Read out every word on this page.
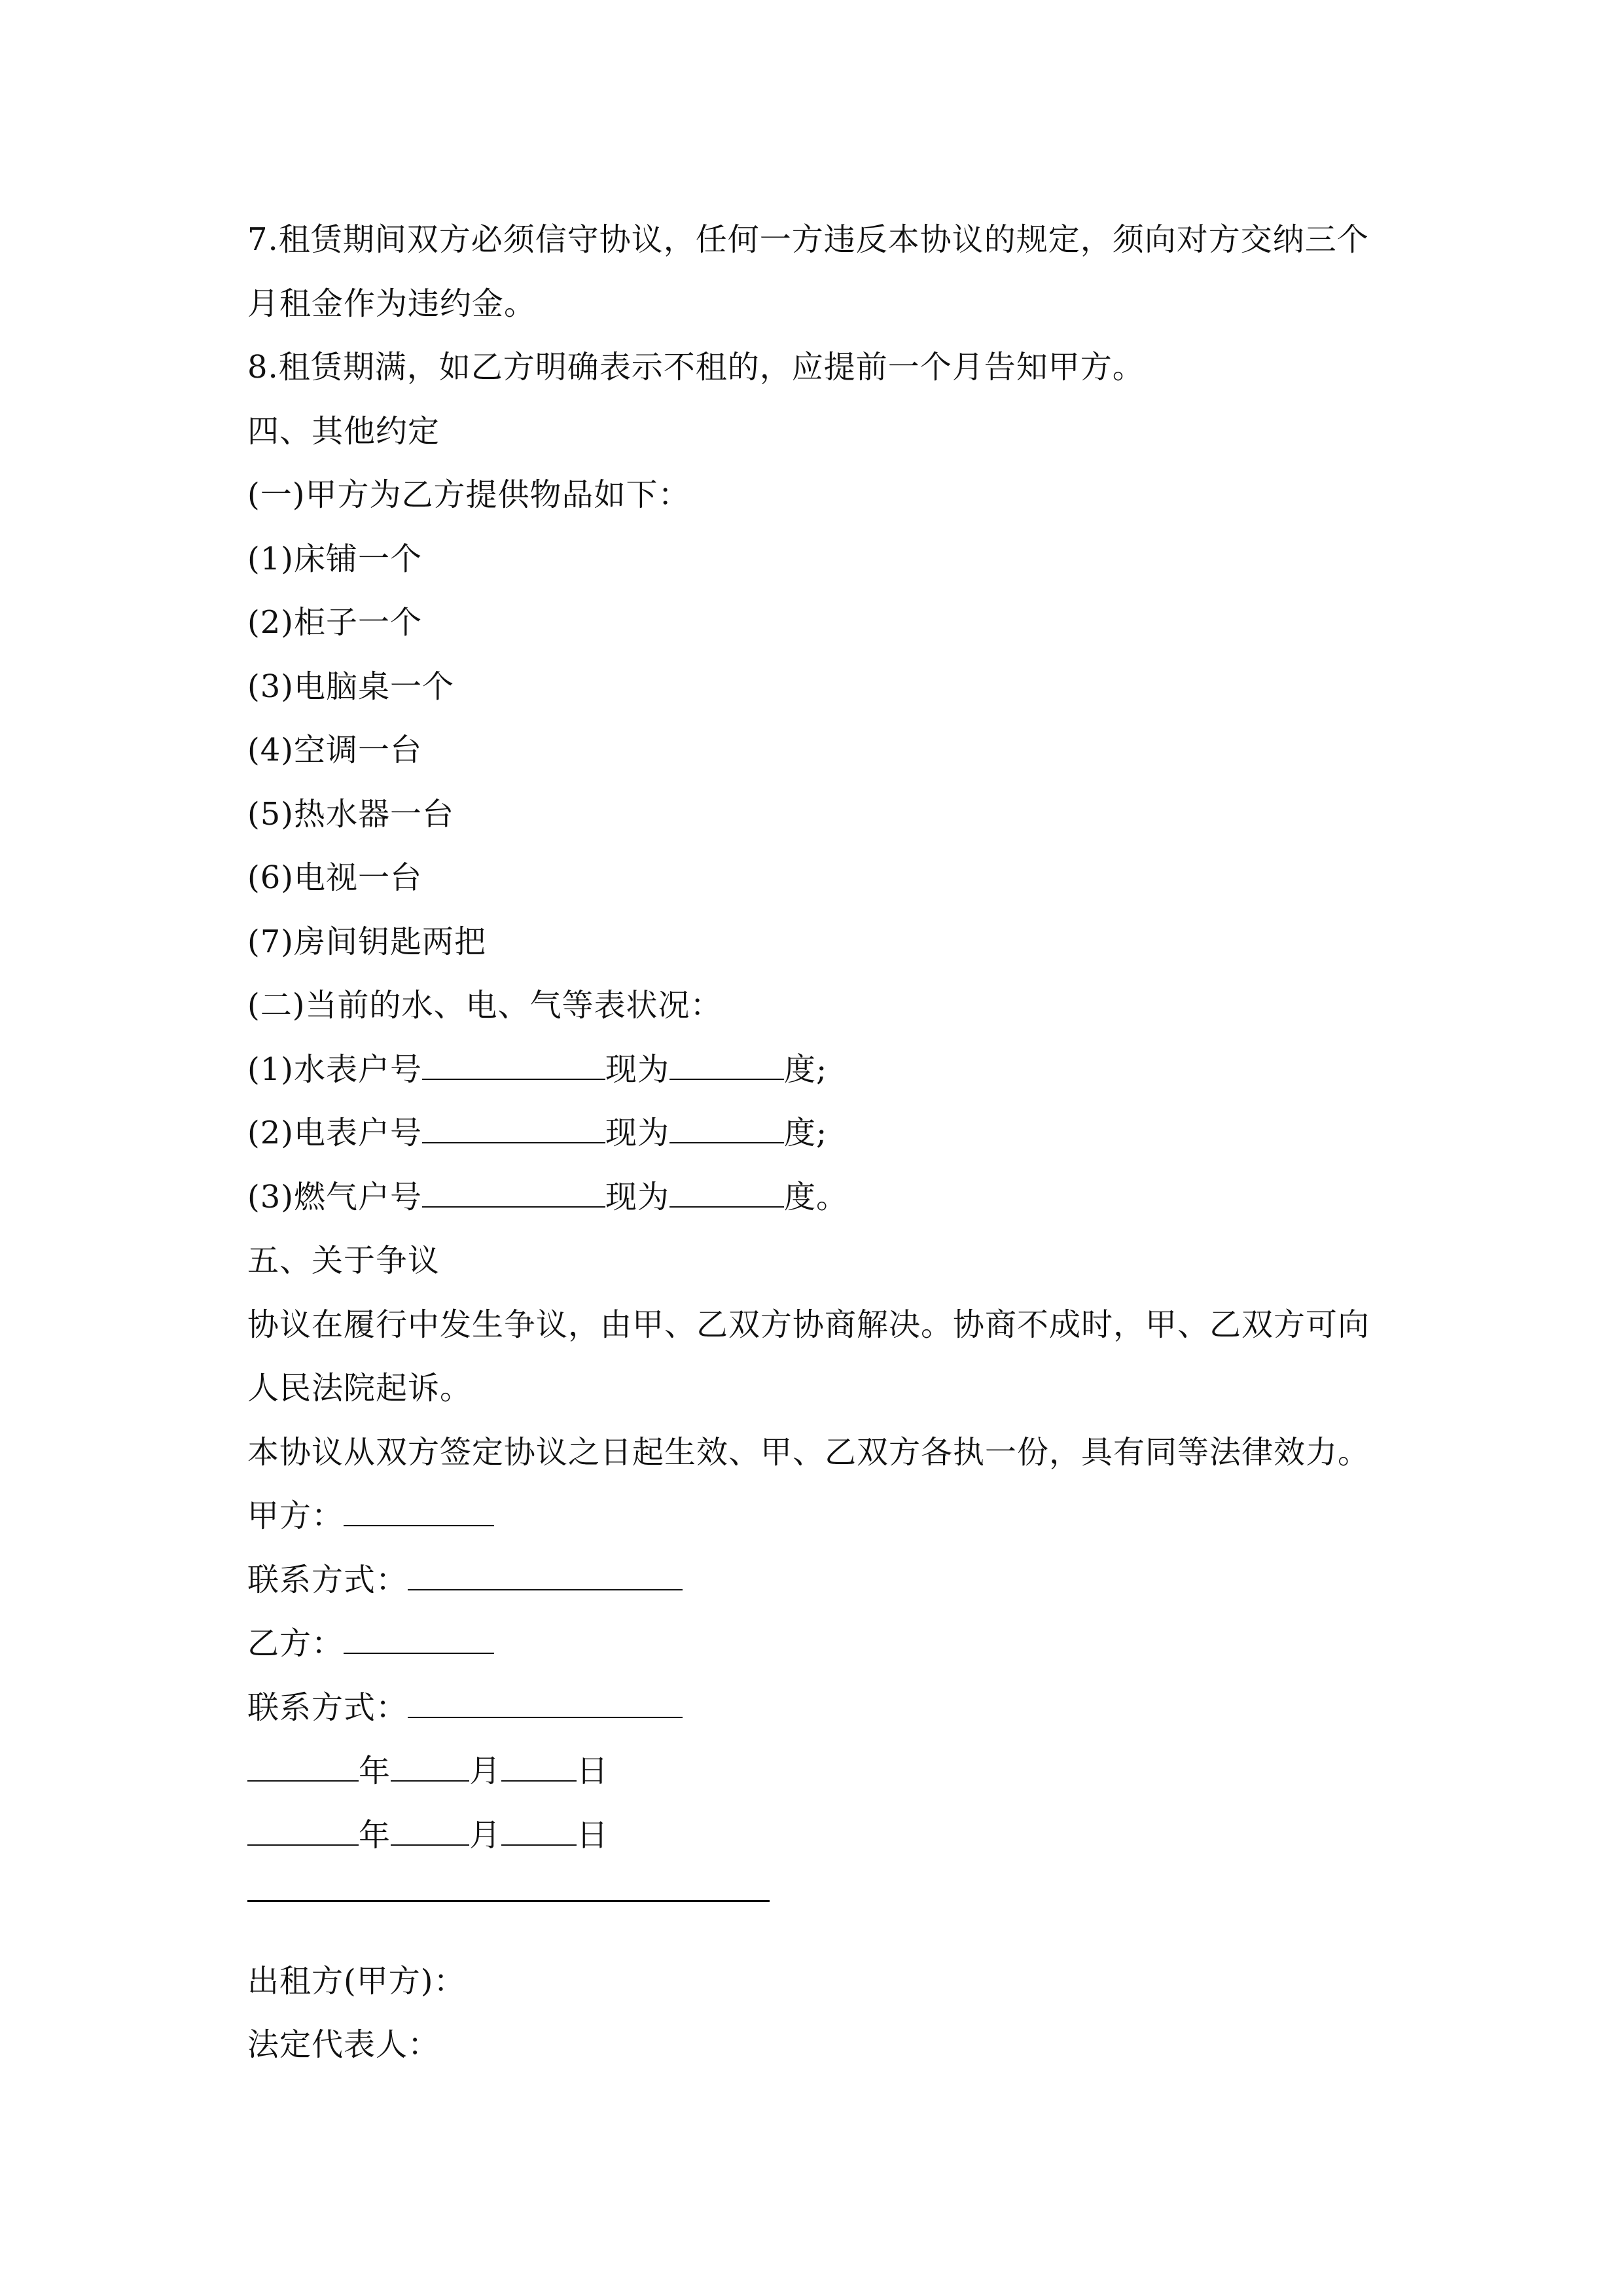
7.租赁期间双方必须信守协议，任何一方违反本协议的规定，须向对方交纳三个
月租金作为违约金。
8.租赁期满，如乙方明确表示不租的，应提前一个月告知甲方。
四、其他约定
(一)甲方为乙方提供物品如下：
(1)床铺一个
(2)柜子一个
(3)电脑桌一个
(4)空调一台
(5)热水器一台
(6)电视一台
(7)房间钥匙两把
(二)当前的水、电、气等表状况：
(1)水表户号	现为	度;
(2)电表户号	现为	度;
(3)燃气户号	现为	度。
五、关于争议
协议在履行中发生争议，由甲、乙双方协商解决。协商不成时，甲、乙双方可向
人民法院起诉。
本协议从双方签定协议之日起生效、甲、乙双方各执一份，具有同等法律效力。
甲方：
联系方式：
乙方：
联系方式：
年	月 日
年	月 日
出租方(甲方)：
法定代表人：
